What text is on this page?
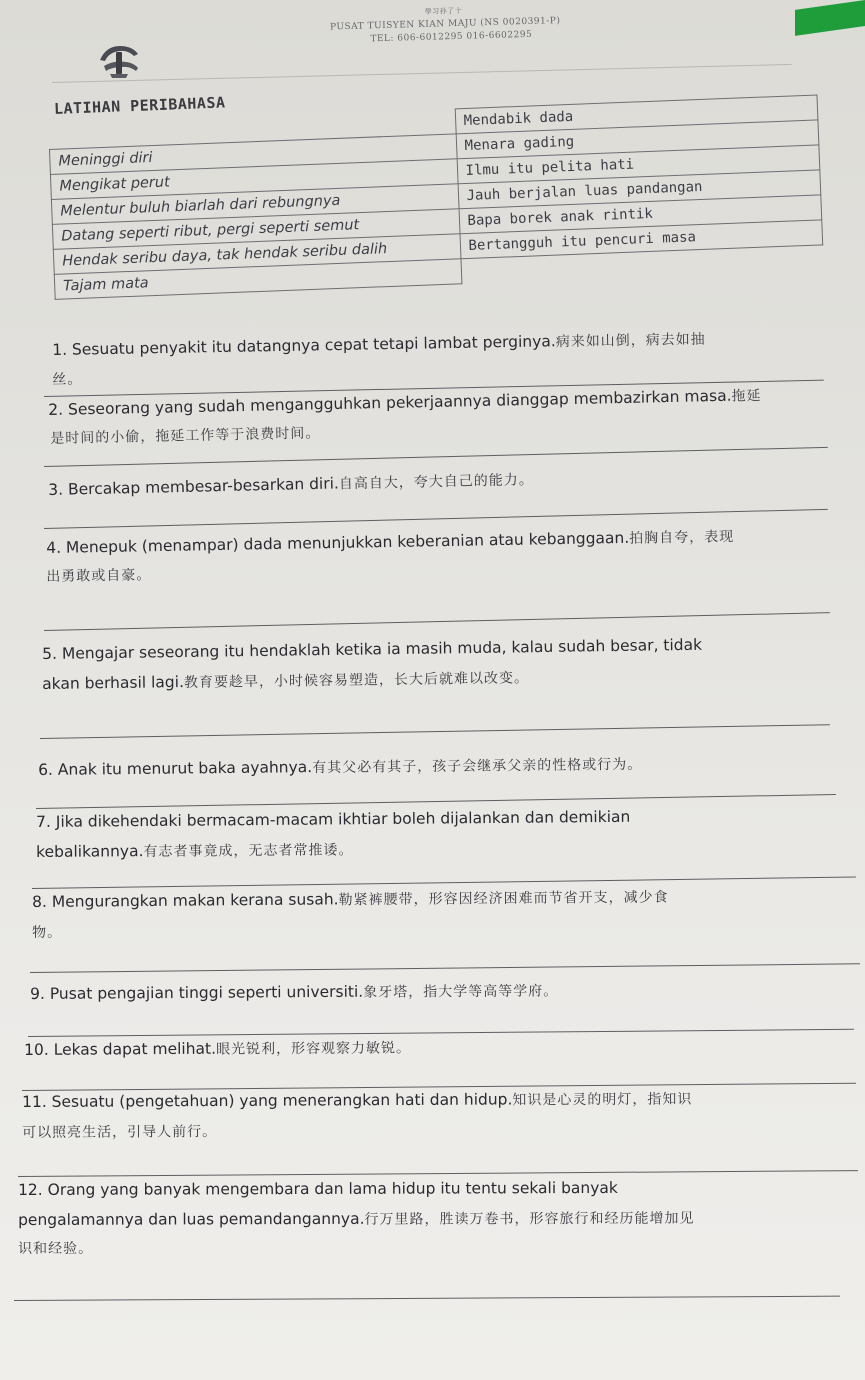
學习孙了十
PUSAT TUISYEN KIAN MAJU (NS 0020391-P)
TEL: 606-6012295 016-6602295
LATIHAN PERIBAHASA
	Mendabik dada
Meninggi diri	Menara gading
Mengikat perut	Ilmu itu pelita hati
Melentur buluh biarlah dari rebungnya	Jauh berjalan luas pandangan
Datang seperti ribut, pergi seperti semut	Bapa borek anak rintik
Hendak seribu daya, tak hendak seribu dalih	Bertangguh itu pencuri masa
Tajam mata	
1. Sesuatu penyakit itu datangnya cepat tetapi lambat perginya.病来如山倒，病去如抽
丝。
2. Seseorang yang sudah mengangguhkan pekerjaannya dianggap membazirkan masa.拖延
是时间的小偷，拖延工作等于浪费时间。
3. Bercakap membesar-besarkan diri.自高自大，夸大自己的能力。
4. Menepuk (menampar) dada menunjukkan keberanian atau kebanggaan.拍胸自夸，表现
出勇敢或自豪。
5. Mengajar seseorang itu hendaklah ketika ia masih muda, kalau sudah besar, tidak
akan berhasil lagi.教育要趁早，小时候容易塑造，长大后就难以改变。
6. Anak itu menurut baka ayahnya.有其父必有其子，孩子会继承父亲的性格或行为。
7. Jika dikehendaki bermacam-macam ikhtiar boleh dijalankan dan demikian
kebalikannya.有志者事竟成，无志者常推诿。
8. Mengurangkan makan kerana susah.勒紧裤腰带，形容因经济困难而节省开支，减少食
物。
9. Pusat pengajian tinggi seperti universiti.象牙塔，指大学等高等学府。
10. Lekas dapat melihat.眼光锐利，形容观察力敏锐。
11. Sesuatu (pengetahuan) yang menerangkan hati dan hidup.知识是心灵的明灯，指知识
可以照亮生活，引导人前行。
12. Orang yang banyak mengembara dan lama hidup itu tentu sekali banyak
pengalamannya dan luas pemandangannya.行万里路，胜读万卷书，形容旅行和经历能增加见
识和经验。
